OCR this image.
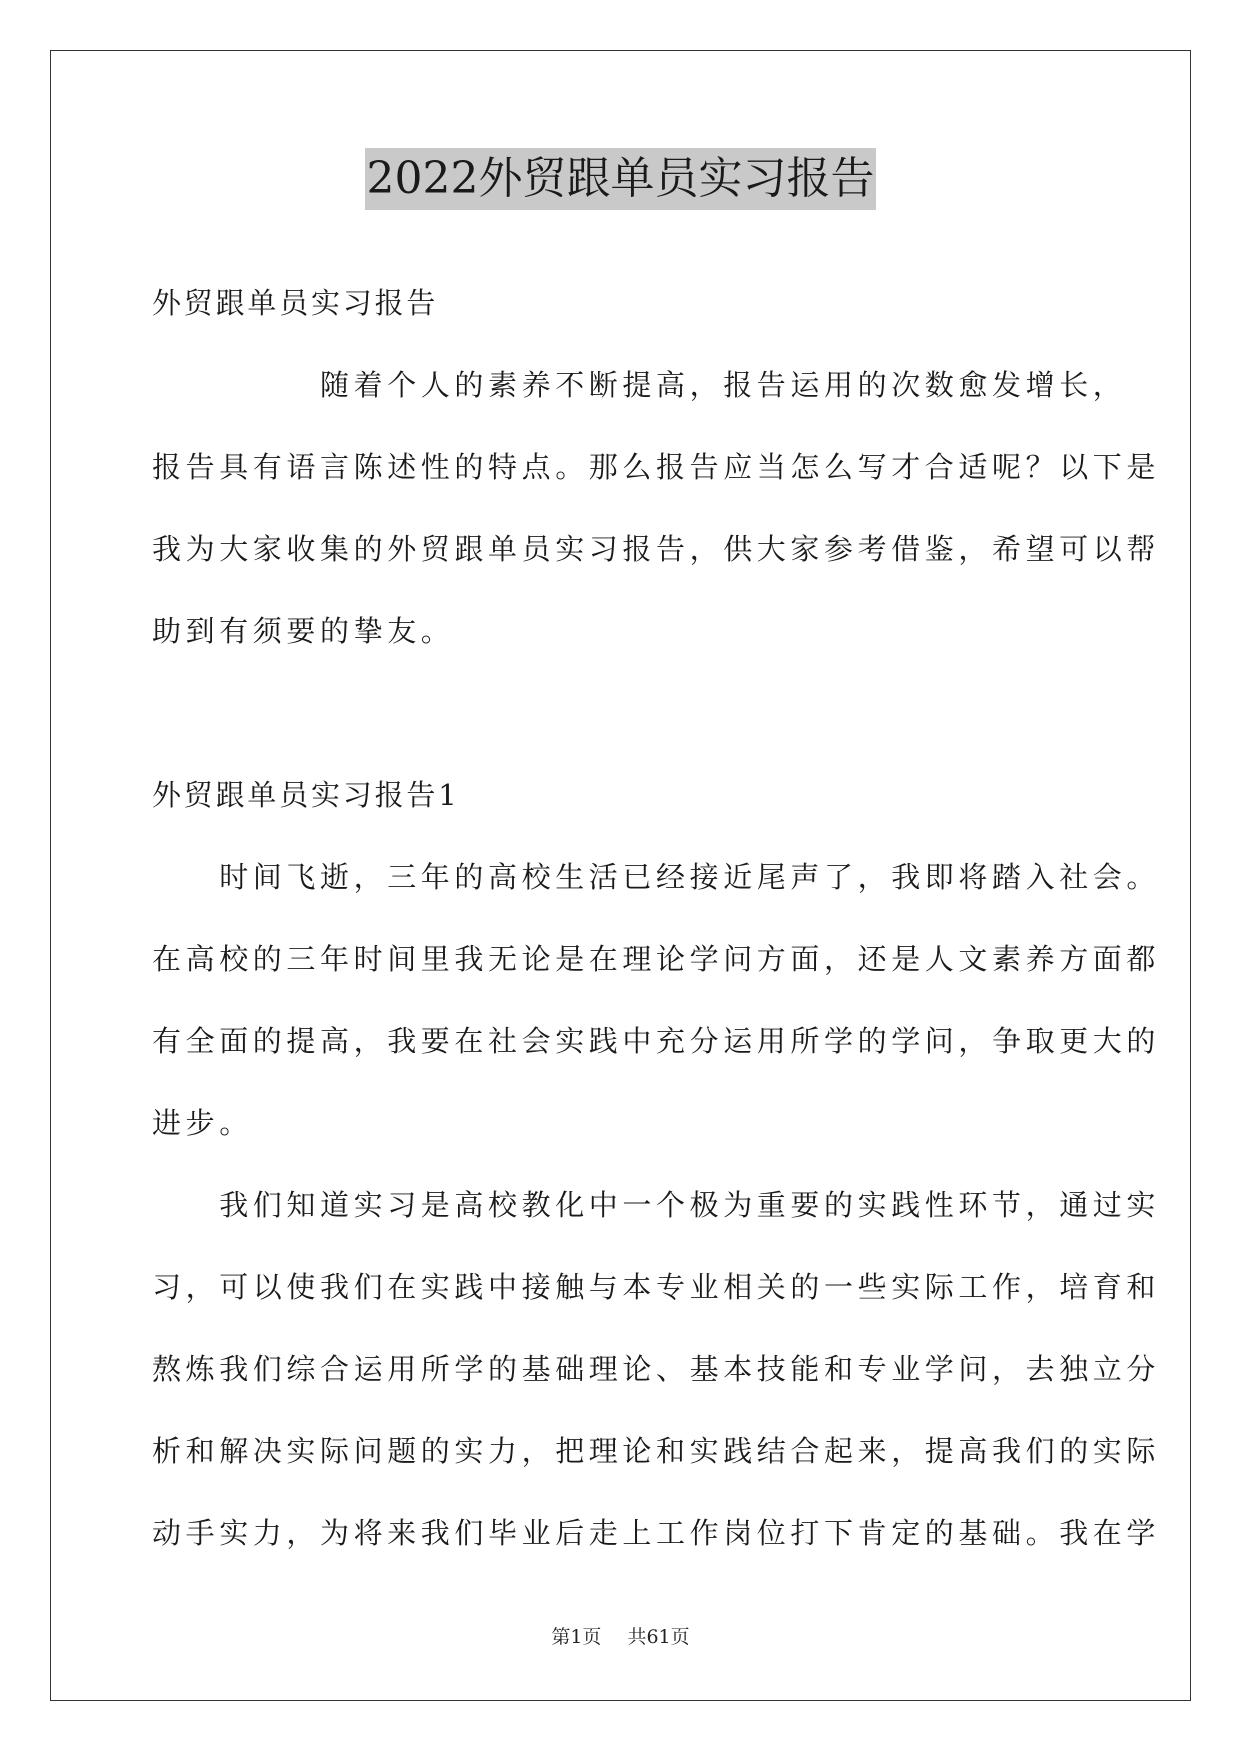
2022外贸跟单员实习报告
外贸跟单员实习报告
　　　　　随着个人的素养不断提高，报告运用的次数愈发增长，
报告具有语言陈述性的特点。那么报告应当怎么写才合适呢？以下是
我为大家收集的外贸跟单员实习报告，供大家参考借鉴，希望可以帮
助到有须要的挚友。
外贸跟单员实习报告1
　　时间飞逝，三年的高校生活已经接近尾声了，我即将踏入社会。
在高校的三年时间里我无论是在理论学问方面，还是人文素养方面都
有全面的提高，我要在社会实践中充分运用所学的学问，争取更大的
进步。
　　我们知道实习是高校教化中一个极为重要的实践性环节，通过实
习，可以使我们在实践中接触与本专业相关的一些实际工作，培育和
熬炼我们综合运用所学的基础理论、基本技能和专业学问，去独立分
析和解决实际问题的实力，把理论和实践结合起来，提高我们的实际
动手实力，为将来我们毕业后走上工作岗位打下肯定的基础。我在学
第1页 共61页
